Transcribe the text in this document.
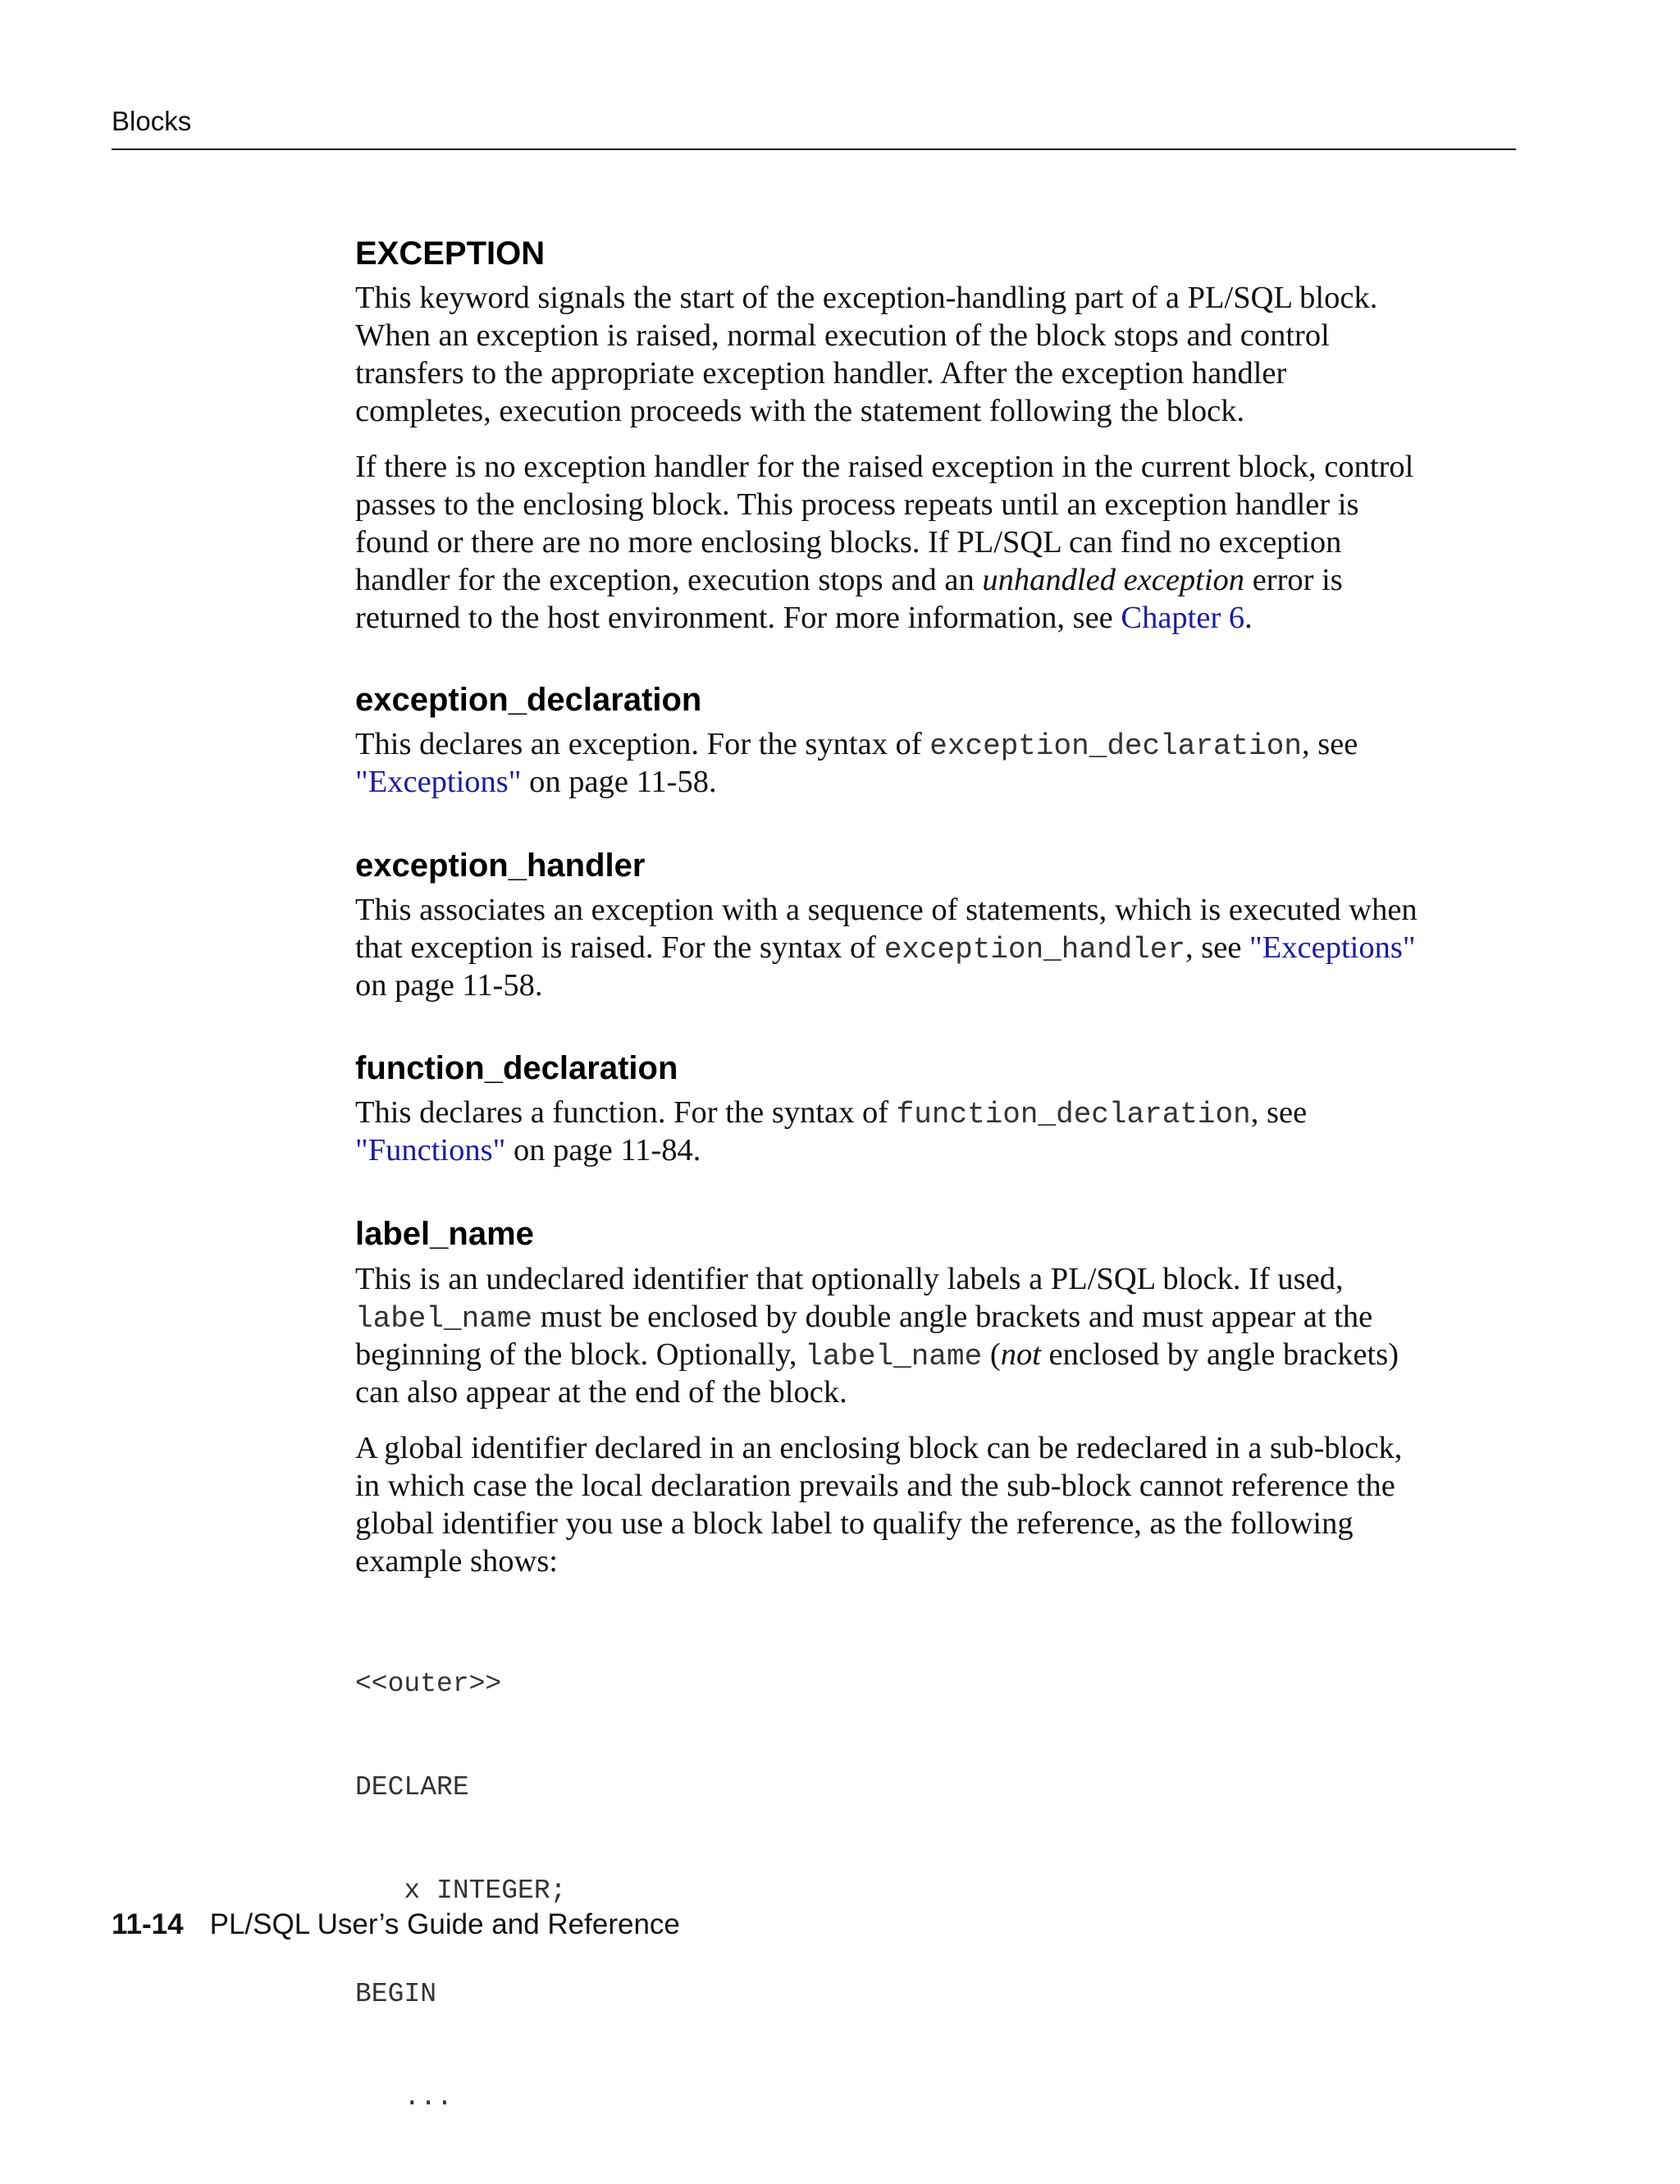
Blocks
EXCEPTION

This keyword signals the start of the exception-handling part of a PL/SQL block.
When an exception is raised, normal execution of the block stops and control
transfers to the appropriate exception handler. After the exception handler
completes, execution proceeds with the statement following the block.

If there is no exception handler for the raised exception in the current block, control
passes to the enclosing block. This process repeats until an exception handler is
found or there are no more enclosing blocks. If PL/SQL can find no exception
handler for the exception, execution stops and an unhandled exception error is
returned to the host environment. For more information, see Chapter 6.

exception_declaration

This declares an exception. For the syntax of exception_declaration, see
"Exceptions" on page 11-58.

exception_handler

This associates an exception with a sequence of statements, which is executed when
that exception is raised. For the syntax of exception_handler, see "Exceptions"
on page 11-58.

function_declaration

This declares a function. For the syntax of function_declaration, see
"Functions" on page 11-84.

label_name

This is an undeclared identifier that optionally labels a PL/SQL block. If used,
label_name must be enclosed by double angle brackets and must appear at the
beginning of the block. Optionally, label_name (not enclosed by angle brackets)
can also appear at the end of the block.

A global identifier declared in an enclosing block can be redeclared in a sub-block,
in which case the local declaration prevails and the sub-block cannot reference the
global identifier you use a block label to qualify the reference, as the following
example shows:

<<outer>>

DECLARE

x INTEGER;

BEGIN

...

11-14 PL/SQL User’s Guide and Reference
